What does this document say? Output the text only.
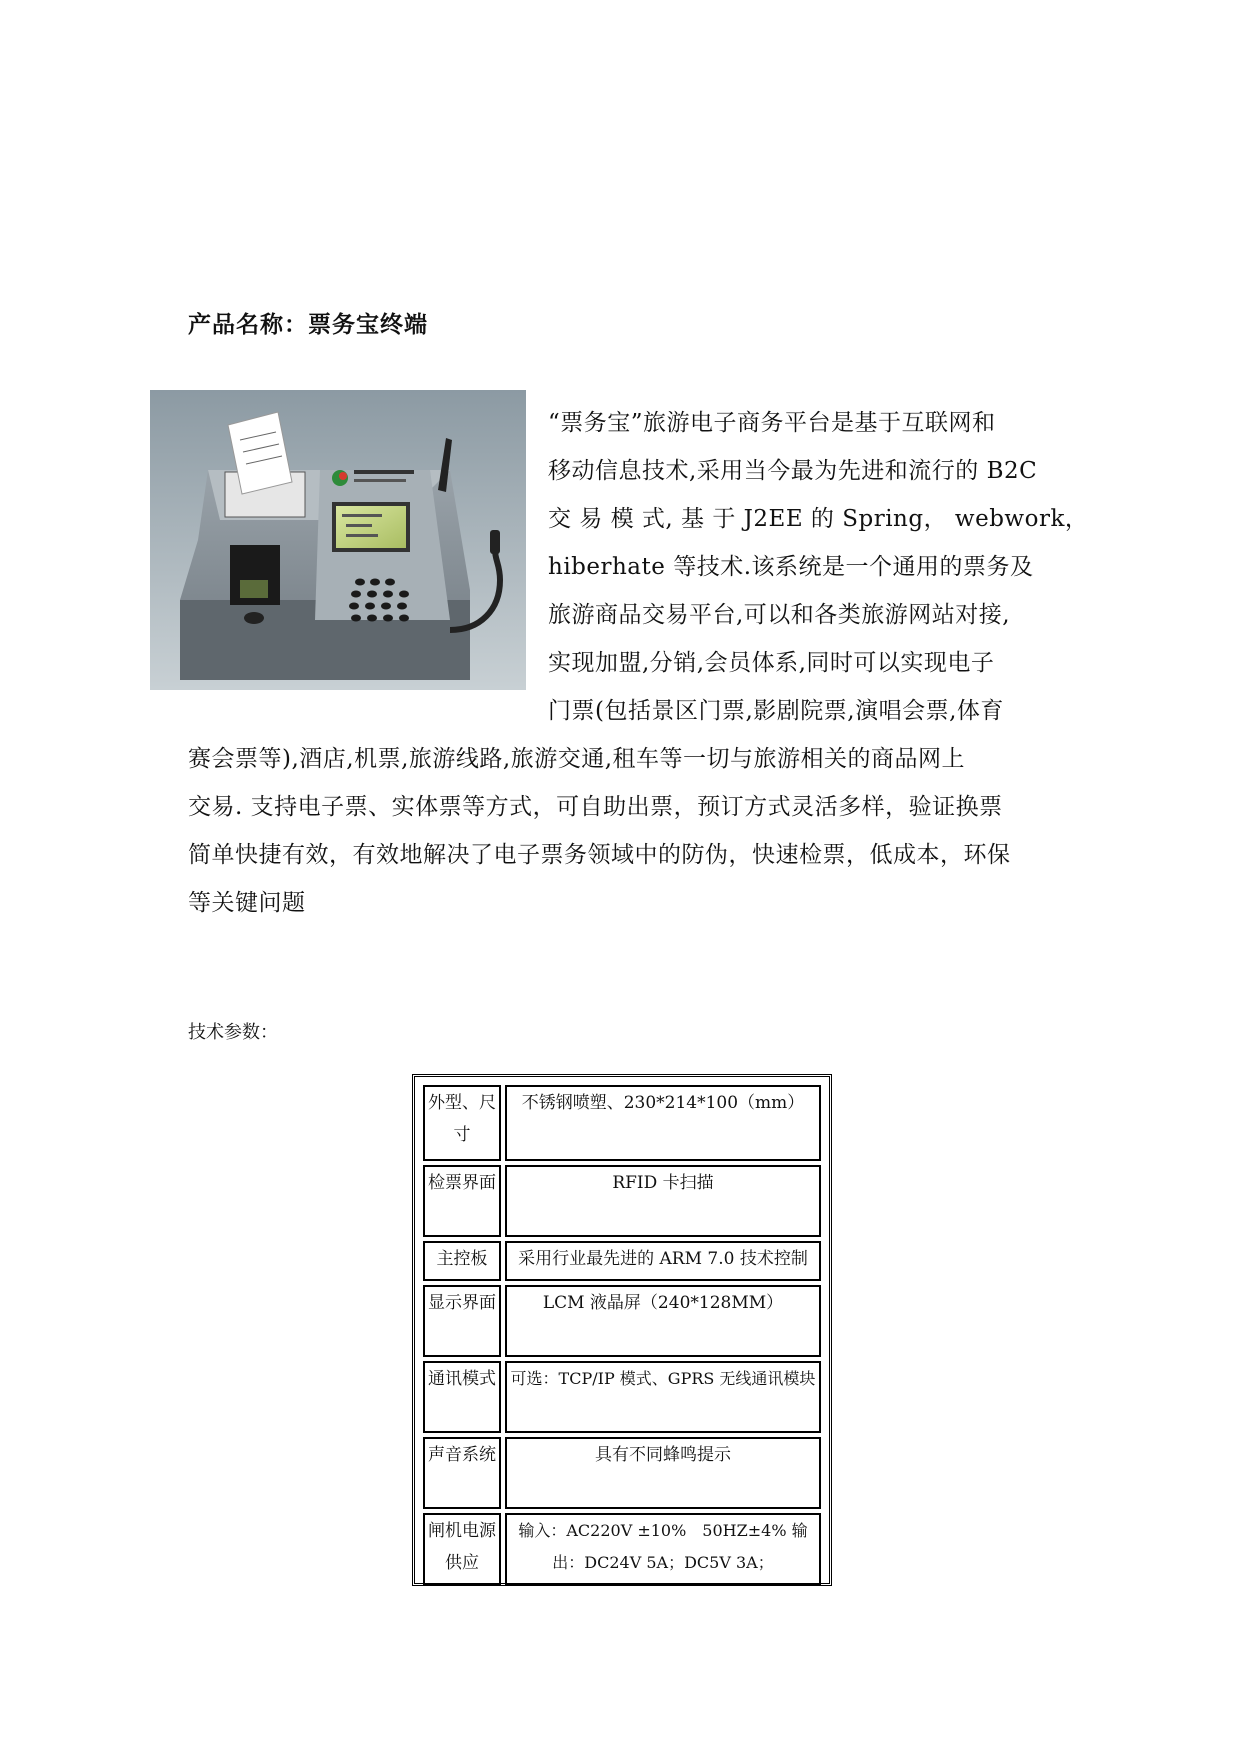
产品名称：票务宝终端
“票务宝”旅游电子商务平台是基于互联网和
移动信息技术,采用当今最为先进和流行的 B2C
交 易 模 式, 基 于 J2EE 的 Spring， webwork，
hiberhate 等技术.该系统是一个通用的票务及
旅游商品交易平台,可以和各类旅游网站对接,
实现加盟,分销,会员体系,同时可以实现电子
门票(包括景区门票,影剧院票,演唱会票,体育
赛会票等),酒店,机票,旅游线路,旅游交通,租车等一切与旅游相关的商品网上
交易. 支持电子票、实体票等方式，可自助出票，预订方式灵活多样，验证换票
简单快捷有效，有效地解决了电子票务领域中的防伪，快速检票，低成本，环保
等关键问题
技术参数：
外型、尺寸	不锈钢喷塑、230*214*100（mm）
检票界面	RFID 卡扫描
主控板	采用行业最先进的 ARM 7.0 技术控制
显示界面	LCM 液晶屏（240*128MM）
通讯模式	可选：TCP/IP 模式、GPRS 无线通讯模块
声音系统	具有不同蜂鸣提示
闸机电源供应	输入：AC220V ±10%　50HZ±4% 输出：DC24V 5A；DC5V 3A；
